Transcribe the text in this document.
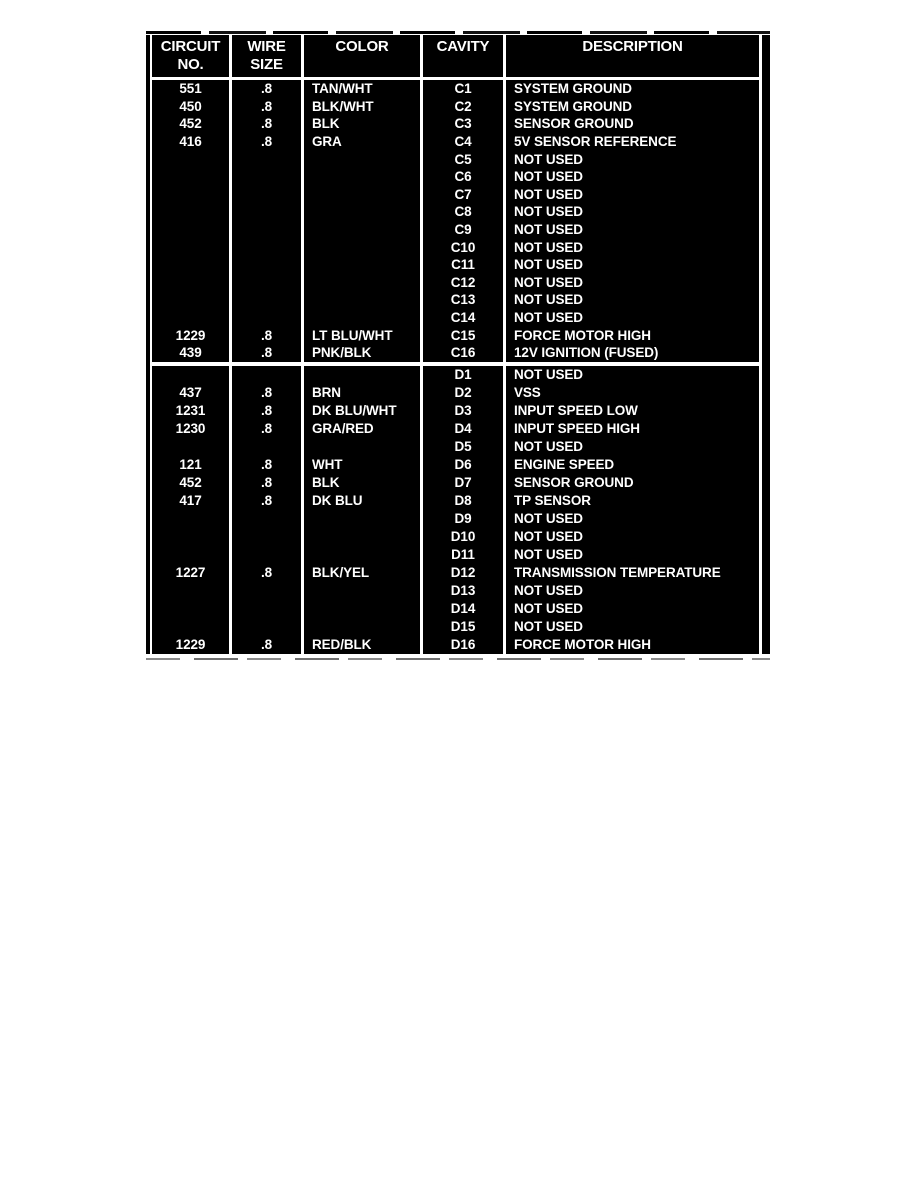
CIRCUIT
NO.
WIRE
SIZE
COLOR	CAVITY	DESCRIPTION
551
450
452
416
1229
439
.8
.8
.8
.8
.8
.8
TAN/WHT
BLK/WHT
BLK
GRA
LT BLU/WHT
PNK/BLK
C1
C2
C3
C4
C5
C6
C7
C8
C9
C10
C11
C12
C13
C14
C15
C16
SYSTEM GROUND
SYSTEM GROUND
SENSOR GROUND
5V SENSOR REFERENCE
NOT USED
NOT USED
NOT USED
NOT USED
NOT USED
NOT USED
NOT USED
NOT USED
NOT USED
NOT USED
FORCE MOTOR HIGH
12V IGNITION (FUSED)
437
1231
1230
121
452
417
1227
1229
.8
.8
.8
.8
.8
.8
.8
.8
BRN
DK BLU/WHT
GRA/RED
WHT
BLK
DK BLU
BLK/YEL
RED/BLK
D1
D2
D3
D4
D5
D6
D7
D8
D9
D10
D11
D12
D13
D14
D15
D16
NOT USED
VSS
INPUT SPEED LOW
INPUT SPEED HIGH
NOT USED
ENGINE SPEED
SENSOR GROUND
TP SENSOR
NOT USED
NOT USED
NOT USED
TRANSMISSION TEMPERATURE
NOT USED
NOT USED
NOT USED
FORCE MOTOR HIGH
